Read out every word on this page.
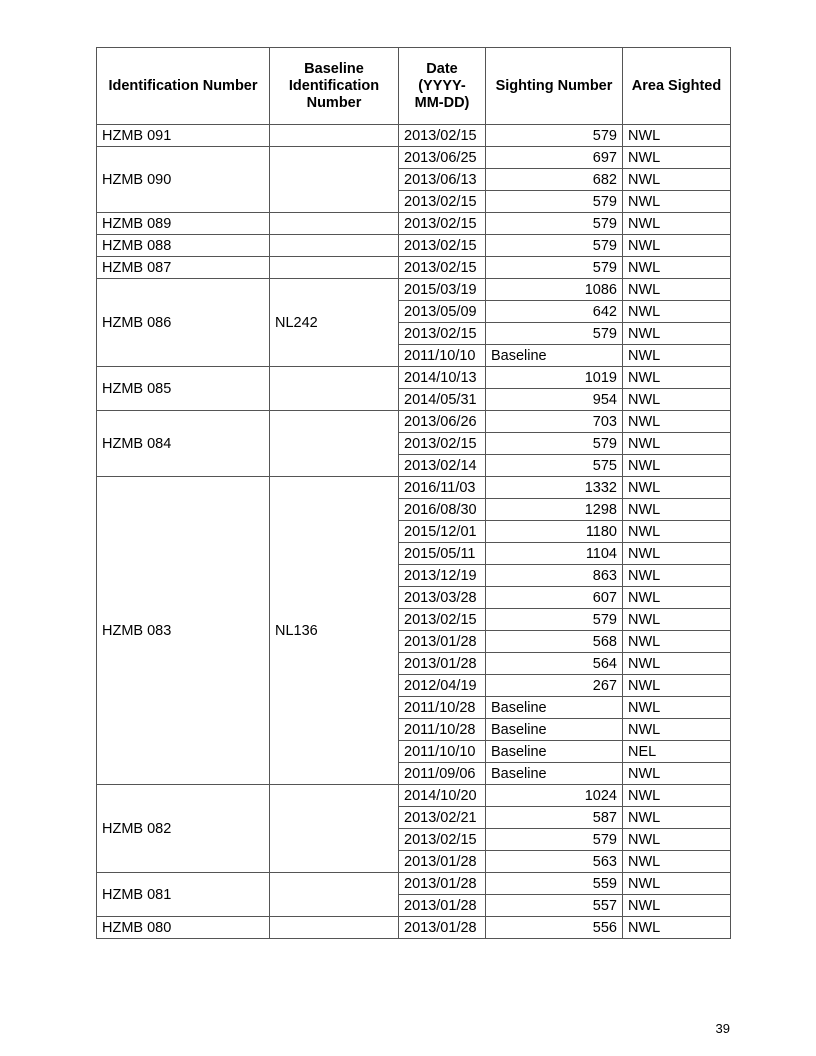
Identification Number	Baseline Identification Number	Date (YYYY-MM-DD)	Sighting Number	Area Sighted
HZMB 091		2013/02/15	579	NWL
HZMB 090		2013/06/25	697	NWL
		2013/06/13	682	NWL
		2013/02/15	579	NWL
HZMB 089		2013/02/15	579	NWL
HZMB 088		2013/02/15	579	NWL
HZMB 087		2013/02/15	579	NWL
HZMB 086	NL242	2015/03/19	1086	NWL
		2013/05/09	642	NWL
		2013/02/15	579	NWL
		2011/10/10	Baseline	NWL
HZMB 085		2014/10/13	1019	NWL
		2014/05/31	954	NWL
HZMB 084		2013/06/26	703	NWL
		2013/02/15	579	NWL
		2013/02/14	575	NWL
HZMB 083	NL136	2016/11/03	1332	NWL
		2016/08/30	1298	NWL
		2015/12/01	1180	NWL
		2015/05/11	1104	NWL
		2013/12/19	863	NWL
		2013/03/28	607	NWL
		2013/02/15	579	NWL
		2013/01/28	568	NWL
		2013/01/28	564	NWL
		2012/04/19	267	NWL
		2011/10/28	Baseline	NWL
		2011/10/28	Baseline	NWL
		2011/10/10	Baseline	NEL
		2011/09/06	Baseline	NWL
HZMB 082		2014/10/20	1024	NWL
		2013/02/21	587	NWL
		2013/02/15	579	NWL
		2013/01/28	563	NWL
HZMB 081		2013/01/28	559	NWL
		2013/01/28	557	NWL
HZMB 080		2013/01/28	556	NWL
39
